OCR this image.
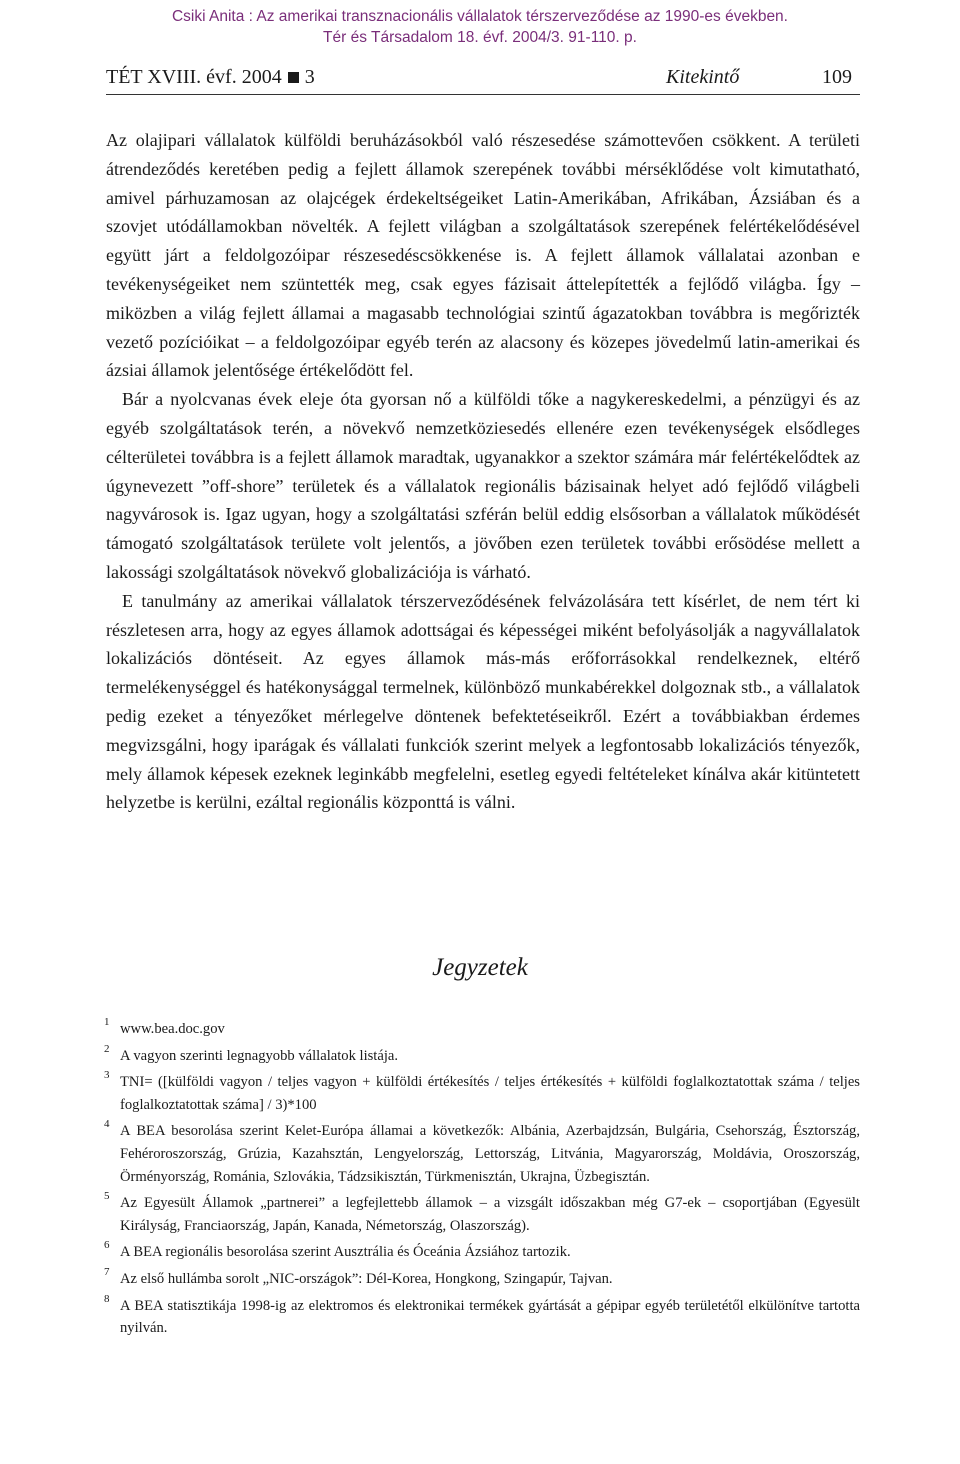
Csiki Anita : Az amerikai transznacionális vállalatok térszerveződése az 1990-es években.
Tér és Társadalom 18. évf. 2004/3. 91-110. p.
TÉT XVIII. évf. 2004 3	Kitekintő	109

Az olajipari vállalatok külföldi beruházásokból való részesedése számottevően csökkent. A területi átrendeződés keretében pedig a fejlett államok szerepének további mérséklődése volt kimutatható, amivel párhuzamosan az olajcégek érdekeltségeiket Latin-Amerikában, Afrikában, Ázsiában és a szovjet utódállamokban növelték. A fejlett világban a szolgáltatások szerepének felértékelődésével együtt járt a feldolgozóipar részesedéscsökkenése is. A fejlett államok vállalatai azonban e tevékenységeiket nem szüntették meg, csak egyes fázisait áttelepítették a fejlődő világba. Így – miközben a világ fejlett államai a magasabb technológiai szintű ágazatokban továbbra is megőrizték vezető pozícióikat – a feldolgozóipar egyéb terén az alacsony és közepes jövedelmű latin-amerikai és ázsiai államok jelentősége értékelődött fel.

Bár a nyolcvanas évek eleje óta gyorsan nő a külföldi tőke a nagykereskedelmi, a pénzügyi és az egyéb szolgáltatások terén, a növekvő nemzetköziesedés ellenére ezen tevékenységek elsődleges célterületei továbbra is a fejlett államok maradtak, ugyanakkor a szektor számára már felértékelődtek az úgynevezett ”off-shore” területek és a vállalatok regionális bázisainak helyet adó fejlődő világbeli nagyvárosok is. Igaz ugyan, hogy a szolgáltatási szférán belül eddig elsősorban a vállalatok működését támogató szolgáltatások területe volt jelentős, a jövőben ezen területek további erősödése mellett a lakossági szolgáltatások növekvő globalizációja is várható.

E tanulmány az amerikai vállalatok térszerveződésének felvázolására tett kísérlet, de nem tért ki részletesen arra, hogy az egyes államok adottságai és képességei miként befolyásolják a nagyvállalatok lokalizációs döntéseit. Az egyes államok más-más erőforrásokkal rendelkeznek, eltérő termelékenységgel és hatékonysággal termelnek, különböző munkabérekkel dolgoznak stb., a vállalatok pedig ezeket a tényezőket mérlegelve döntenek befektetéseikről. Ezért a továbbiakban érdemes megvizsgálni, hogy iparágak és vállalati funkciók szerint melyek a legfontosabb lokalizációs tényezők, mely államok képesek ezeknek leginkább megfelelni, esetleg egyedi feltételeket kínálva akár kitüntetett helyzetbe is kerülni, ezáltal regionális központtá is válni.

Jegyzetek
1 www.bea.doc.gov
2 A vagyon szerinti legnagyobb vállalatok listája.
3 TNI= ([külföldi vagyon / teljes vagyon + külföldi értékesítés / teljes értékesítés + külföldi foglalkoztatottak száma / teljes foglalkoztatottak száma] / 3)*100
4 A BEA besorolása szerint Kelet-Európa államai a következők: Albánia, Azerbajdzsán, Bulgária, Csehország, Észtország, Fehéroroszország, Grúzia, Kazahsztán, Lengyelország, Lettország, Litvánia, Magyarország, Moldávia, Oroszország, Örményország, Románia, Szlovákia, Tádzsikisztán, Türkmenisztán, Ukrajna, Üzbegisztán.
5 Az Egyesült Államok „partnerei” a legfejlettebb államok – a vizsgált időszakban még G7-ek – csoportjában (Egyesült Királyság, Franciaország, Japán, Kanada, Németország, Olaszország).
6 A BEA regionális besorolása szerint Ausztrália és Óceánia Ázsiához tartozik.
7 Az első hullámba sorolt „NIC-országok”: Dél-Korea, Hongkong, Szingapúr, Tajvan.
8 A BEA statisztikája 1998-ig az elektromos és elektronikai termékek gyártását a gépipar egyéb területétől elkülönítve tartotta nyilván.
